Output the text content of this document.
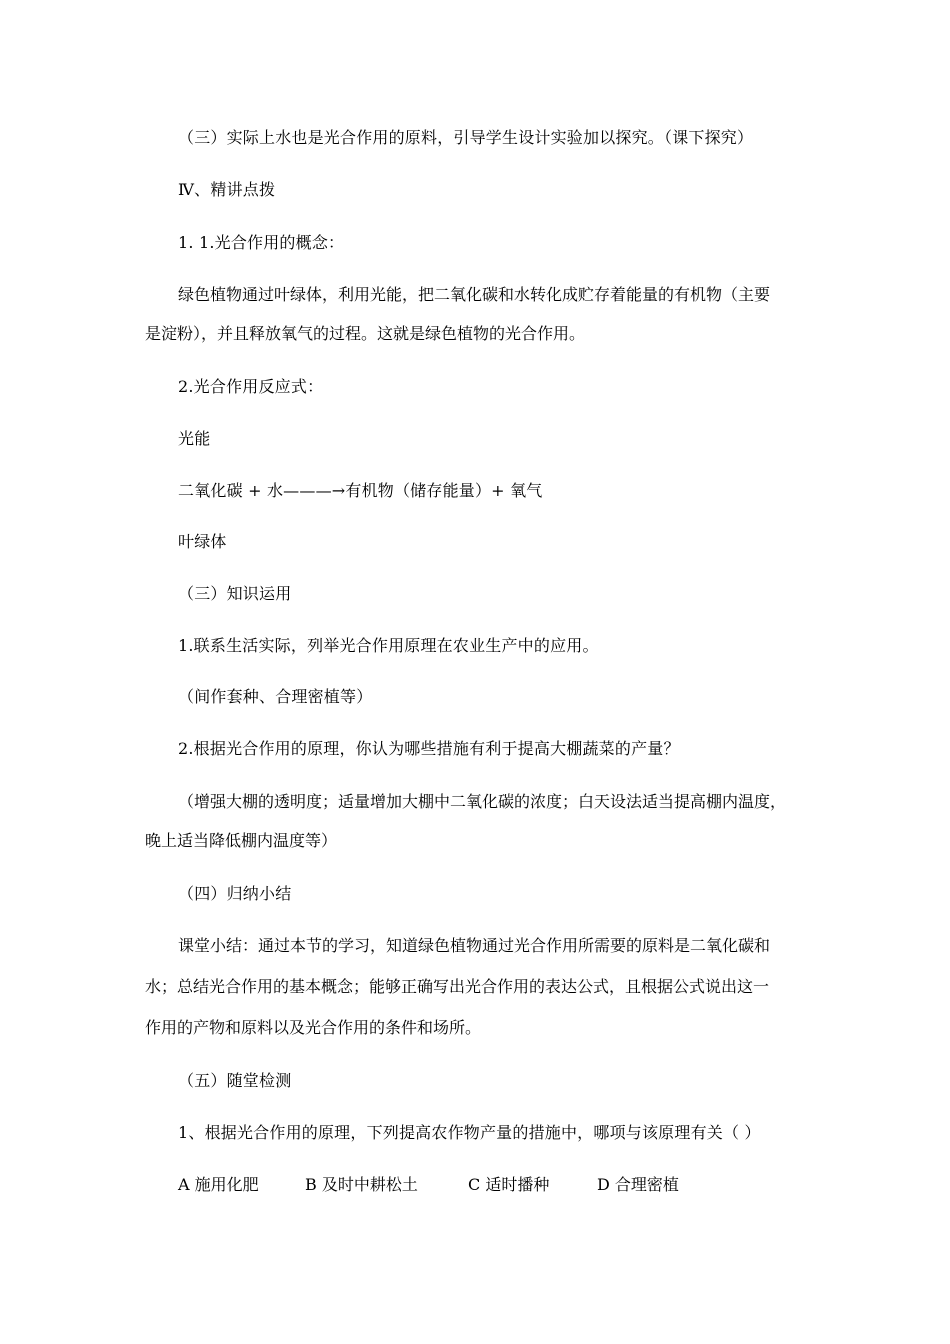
（三）实际上水也是光合作用的原料，引导学生设计实验加以探究。（课下探究）
Ⅳ、精讲点拨
1. 1.光合作用的概念：
绿色植物通过叶绿体，利用光能，把二氧化碳和水转化成贮存着能量的有机物（主要
是淀粉），并且释放氧气的过程。这就是绿色植物的光合作用。
2.光合作用反应式：
光能
二氧化碳 + 水———→有机物（储存能量）+ 氧气
叶绿体
（三）知识运用
1.联系生活实际，列举光合作用原理在农业生产中的应用。
（间作套种、合理密植等）
2.根据光合作用的原理，你认为哪些措施有利于提高大棚蔬菜的产量？
（增强大棚的透明度；适量增加大棚中二氧化碳的浓度；白天设法适当提高棚内温度，
晚上适当降低棚内温度等）
（四）归纳小结
课堂小结：通过本节的学习，知道绿色植物通过光合作用所需要的原料是二氧化碳和
水；总结光合作用的基本概念；能够正确写出光合作用的表达公式，且根据公式说出这一
作用的产物和原料以及光合作用的条件和场所。
（五）随堂检测
1、根据光合作用的原理，下列提高农作物产量的措施中，哪项与该原理有关（ ）
A 施用化肥	B 及时中耕松土	C 适时播种	D 合理密植
